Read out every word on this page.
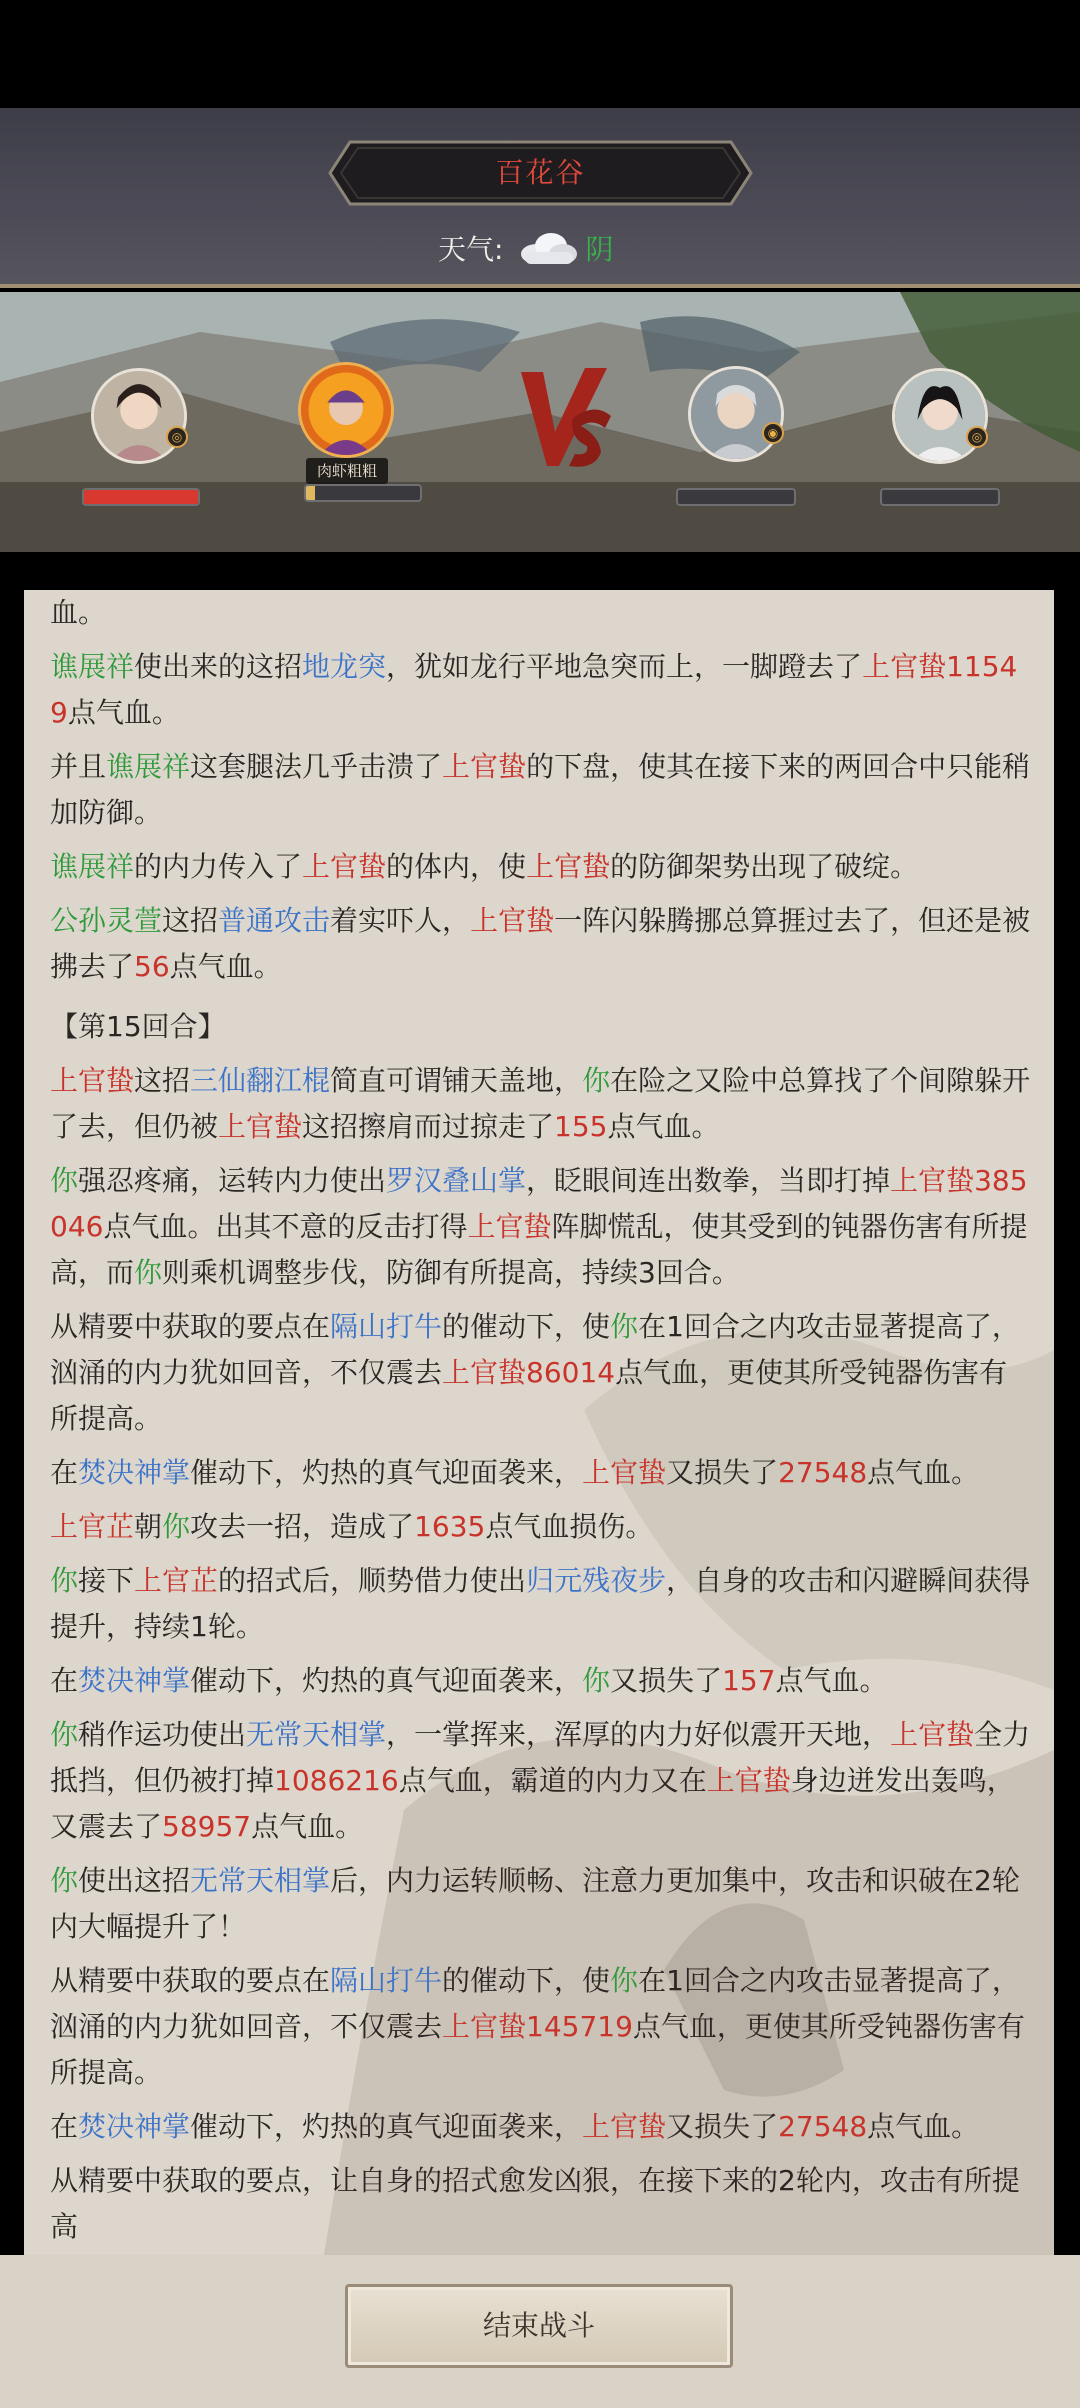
百花谷
天气:	阴
◎
肉虾粗粗
◉	◎
血。
谯展祥使出来的这招地龙突，犹如龙行平地急突而上，一脚蹬去了上官蛰11549点气血。
并且谯展祥这套腿法几乎击溃了上官蛰的下盘，使其在接下来的两回合中只能稍加防御。
谯展祥的内力传入了上官蛰的体内，使上官蛰的防御架势出现了破绽。
公孙灵萱这招普通攻击着实吓人，上官蛰一阵闪躲腾挪总算捱过去了，但还是被拂去了56点气血。
【第15回合】
上官蛰这招三仙翻江棍简直可谓铺天盖地，你在险之又险中总算找了个间隙躲开了去，但仍被上官蛰这招擦肩而过掠走了155点气血。
你强忍疼痛，运转内力使出罗汉叠山掌，眨眼间连出数拳，当即打掉上官蛰385046点气血。出其不意的反击打得上官蛰阵脚慌乱，使其受到的钝器伤害有所提高，而你则乘机调整步伐，防御有所提高，持续3回合。
从精要中获取的要点在隔山打牛的催动下，使你在1回合之内攻击显著提高了，汹涌的内力犹如回音，不仅震去上官蛰86014点气血，更使其所受钝器伤害有所提高。
在焚决神掌催动下，灼热的真气迎面袭来，上官蛰又损失了27548点气血。
上官芷朝你攻去一招，造成了1635点气血损伤。
你接下上官芷的招式后，顺势借力使出归元残夜步，自身的攻击和闪避瞬间获得提升，持续1轮。
在焚决神掌催动下，灼热的真气迎面袭来，你又损失了157点气血。
你稍作运功使出无常天相掌，一掌挥来，浑厚的内力好似震开天地，上官蛰全力抵挡，但仍被打掉1086216点气血，霸道的内力又在上官蛰身边迸发出轰鸣，又震去了58957点气血。
你使出这招无常天相掌后，内力运转顺畅、注意力更加集中，攻击和识破在2轮内大幅提升了！
从精要中获取的要点在隔山打牛的催动下，使你在1回合之内攻击显著提高了，汹涌的内力犹如回音，不仅震去上官蛰145719点气血，更使其所受钝器伤害有所提高。
在焚决神掌催动下，灼热的真气迎面袭来，上官蛰又损失了27548点气血。
从精要中获取的要点，让自身的招式愈发凶狠，在接下来的2轮内，攻击有所提高
结束战斗
